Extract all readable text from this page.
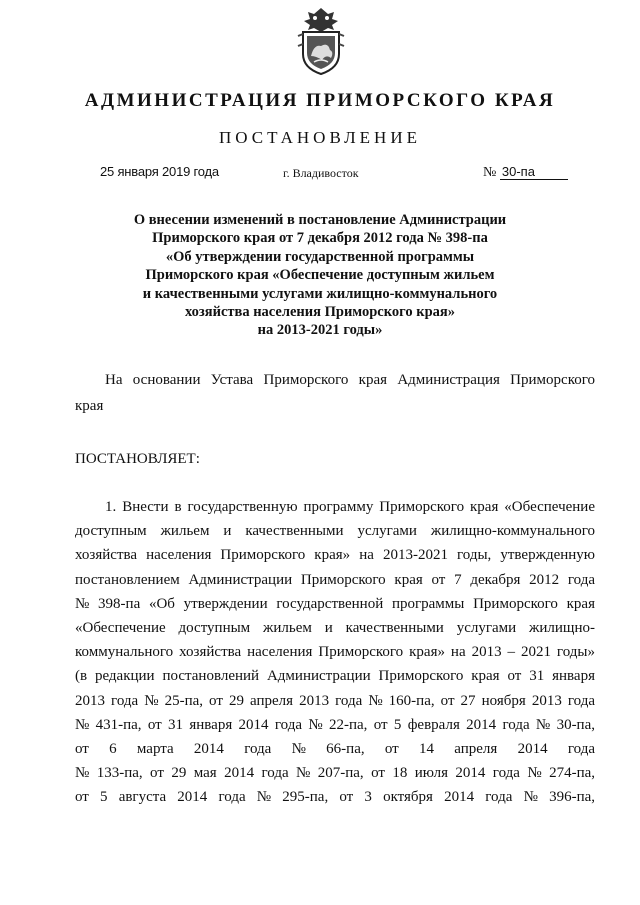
АДМИНИСТРАЦИЯ ПРИМОРСКОГО КРАЯ
ПОСТАНОВЛЕНИЕ
25 января 2019 года	г. Владивосток	№ 30-па
О внесении изменений в постановление Администрации
Приморского края от 7 декабря 2012 года № 398-па
«Об утверждении государственной программы
Приморского края «Обеспечение доступным жильем
и качественными услугами жилищно-коммунального
хозяйства населения Приморского края»
на 2013-2021 годы»
На основании Устава Приморского края Администрация Приморского
края
ПОСТАНОВЛЯЕТ:
1. Внести в государственную программу Приморского края «Обеспечение
доступным жильем и качественными услугами жилищно-коммунального
хозяйства населения Приморского края» на 2013-2021 годы, утвержденную
постановлением Администрации Приморского края от 7 декабря 2012 года
№ 398-па «Об утверждении государственной программы Приморского края
«Обеспечение доступным жильем и качественными услугами жилищно-
коммунального хозяйства населения Приморского края» на 2013 – 2021 годы»
(в редакции постановлений Администрации Приморского края от 31 января
2013 года № 25-па, от 29 апреля 2013 года № 160-па, от 27 ноября 2013 года
№ 431-па, от 31 января 2014 года № 22-па, от 5 февраля 2014 года № 30-па,
от 6 марта 2014 года № 66-па, от 14 апреля 2014 года
№ 133-па, от 29 мая 2014 года № 207-па, от 18 июля 2014 года № 274-па,
от 5 августа 2014 года № 295-па, от 3 октября 2014 года № 396-па,
